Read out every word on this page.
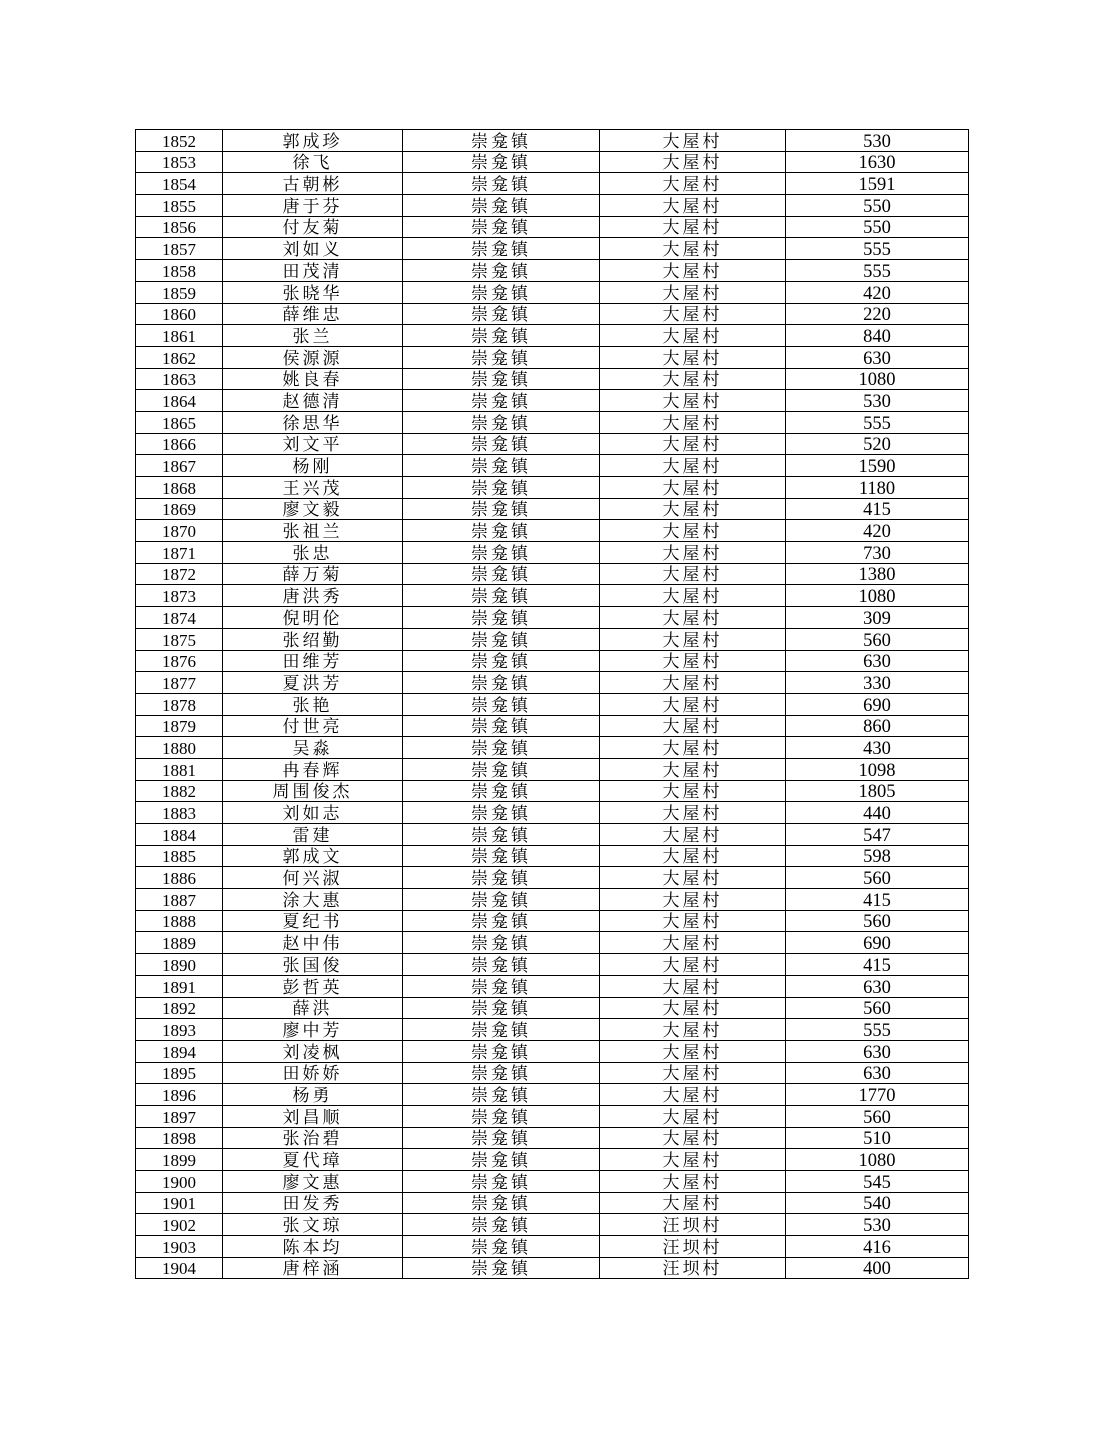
1852	郭成珍	崇龛镇	大屋村	530
1853	徐飞	崇龛镇	大屋村	1630
1854	古朝彬	崇龛镇	大屋村	1591
1855	唐于芬	崇龛镇	大屋村	550
1856	付友菊	崇龛镇	大屋村	550
1857	刘如义	崇龛镇	大屋村	555
1858	田茂清	崇龛镇	大屋村	555
1859	张晓华	崇龛镇	大屋村	420
1860	薛维忠	崇龛镇	大屋村	220
1861	张兰	崇龛镇	大屋村	840
1862	侯源源	崇龛镇	大屋村	630
1863	姚良春	崇龛镇	大屋村	1080
1864	赵德清	崇龛镇	大屋村	530
1865	徐思华	崇龛镇	大屋村	555
1866	刘文平	崇龛镇	大屋村	520
1867	杨刚	崇龛镇	大屋村	1590
1868	王兴茂	崇龛镇	大屋村	1180
1869	廖文毅	崇龛镇	大屋村	415
1870	张祖兰	崇龛镇	大屋村	420
1871	张忠	崇龛镇	大屋村	730
1872	薛万菊	崇龛镇	大屋村	1380
1873	唐洪秀	崇龛镇	大屋村	1080
1874	倪明伦	崇龛镇	大屋村	309
1875	张绍勤	崇龛镇	大屋村	560
1876	田维芳	崇龛镇	大屋村	630
1877	夏洪芳	崇龛镇	大屋村	330
1878	张艳	崇龛镇	大屋村	690
1879	付世亮	崇龛镇	大屋村	860
1880	吴淼	崇龛镇	大屋村	430
1881	冉春辉	崇龛镇	大屋村	1098
1882	周围俊杰	崇龛镇	大屋村	1805
1883	刘如志	崇龛镇	大屋村	440
1884	雷建	崇龛镇	大屋村	547
1885	郭成文	崇龛镇	大屋村	598
1886	何兴淑	崇龛镇	大屋村	560
1887	涂大惠	崇龛镇	大屋村	415
1888	夏纪书	崇龛镇	大屋村	560
1889	赵中伟	崇龛镇	大屋村	690
1890	张国俊	崇龛镇	大屋村	415
1891	彭哲英	崇龛镇	大屋村	630
1892	薛洪	崇龛镇	大屋村	560
1893	廖中芳	崇龛镇	大屋村	555
1894	刘凌枫	崇龛镇	大屋村	630
1895	田娇娇	崇龛镇	大屋村	630
1896	杨勇	崇龛镇	大屋村	1770
1897	刘昌顺	崇龛镇	大屋村	560
1898	张治碧	崇龛镇	大屋村	510
1899	夏代璋	崇龛镇	大屋村	1080
1900	廖文惠	崇龛镇	大屋村	545
1901	田发秀	崇龛镇	大屋村	540
1902	张文琼	崇龛镇	汪坝村	530
1903	陈本均	崇龛镇	汪坝村	416
1904	唐梓涵	崇龛镇	汪坝村	400
